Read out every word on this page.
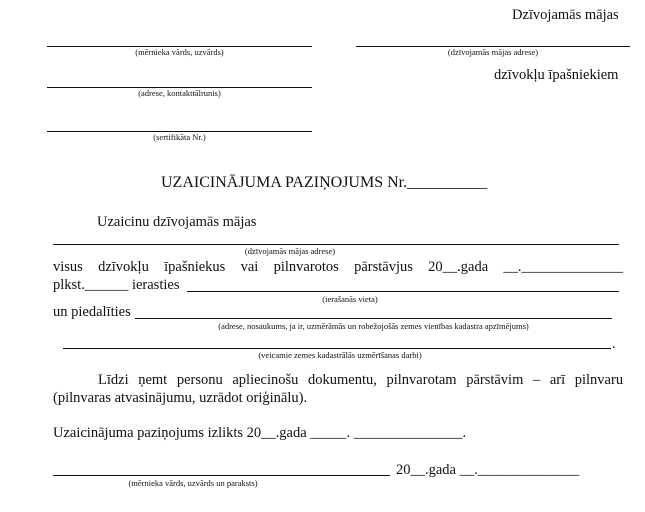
Dzīvojamās mājas
(mērnieka vārds, uzvārds)	(dzīvojamās mājas adrese)
dzīvokļu īpašniekiem
(adrese, kontakttālrunis)
(sertifikāta Nr.)
UZAICINĀJUMA PAZIŅOJUMS Nr.__________
Uzaicinu dzīvojamās mājas
(dzīvojamās mājas adrese)
visus dzīvokļu īpašniekus vai pilnvarotos pārstāvjus 20__.gada __.______________
plkst.______ ierasties
(ierašanās vieta)
un piedalīties
(adrese, nosaukums, ja ir, uzmērāmās un robežojošās zemes vienības kadastra apzīmējums)
.
(veicamie zemes kadastrālās uzmērīšanas darbi)
Līdzi ņemt personu apliecinošu dokumentu, pilnvarotam pārstāvim – arī pilnvaru
(pilnvaras atvasinājumu, uzrādot oriģinālu).
Uzaicinājuma paziņojums izlikts 20__.gada _____. _______________.
20__.gada __.______________
(mērnieka vārds, uzvārds un paraksts)
